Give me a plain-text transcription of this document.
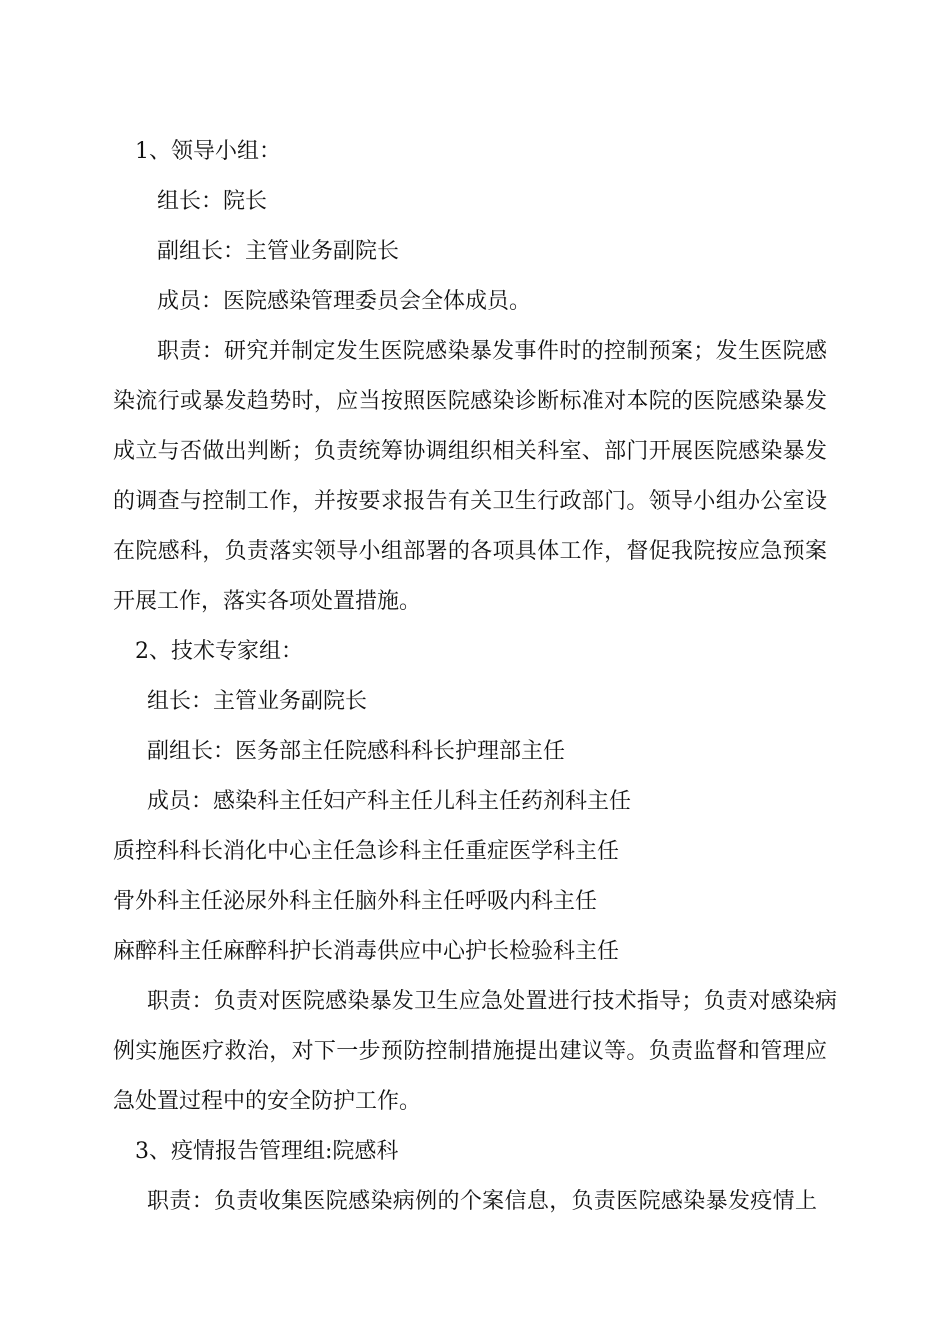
1、领导小组：
组长：院长
副组长：主管业务副院长
成员：医院感染管理委员会全体成员。
职责：研究并制定发生医院感染暴发事件时的控制预案；发生医院感
染流行或暴发趋势时，应当按照医院感染诊断标准对本院的医院感染暴发
成立与否做出判断；负责统筹协调组织相关科室、部门开展医院感染暴发
的调查与控制工作，并按要求报告有关卫生行政部门。领导小组办公室设
在院感科，负责落实领导小组部署的各项具体工作，督促我院按应急预案
开展工作，落实各项处置措施。
2、技术专家组：
组长：主管业务副院长
副组长：医务部主任院感科科长护理部主任
成员：感染科主任妇产科主任儿科主任药剂科主任
质控科科长消化中心主任急诊科主任重症医学科主任
骨外科主任泌尿外科主任脑外科主任呼吸内科主任
麻醉科主任麻醉科护长消毒供应中心护长检验科主任
职责：负责对医院感染暴发卫生应急处置进行技术指导；负责对感染病
例实施医疗救治，对下一步预防控制措施提出建议等。负责监督和管理应
急处置过程中的安全防护工作。
3、疫情报告管理组:院感科
职责：负责收集医院感染病例的个案信息，负责医院感染暴发疫情上
